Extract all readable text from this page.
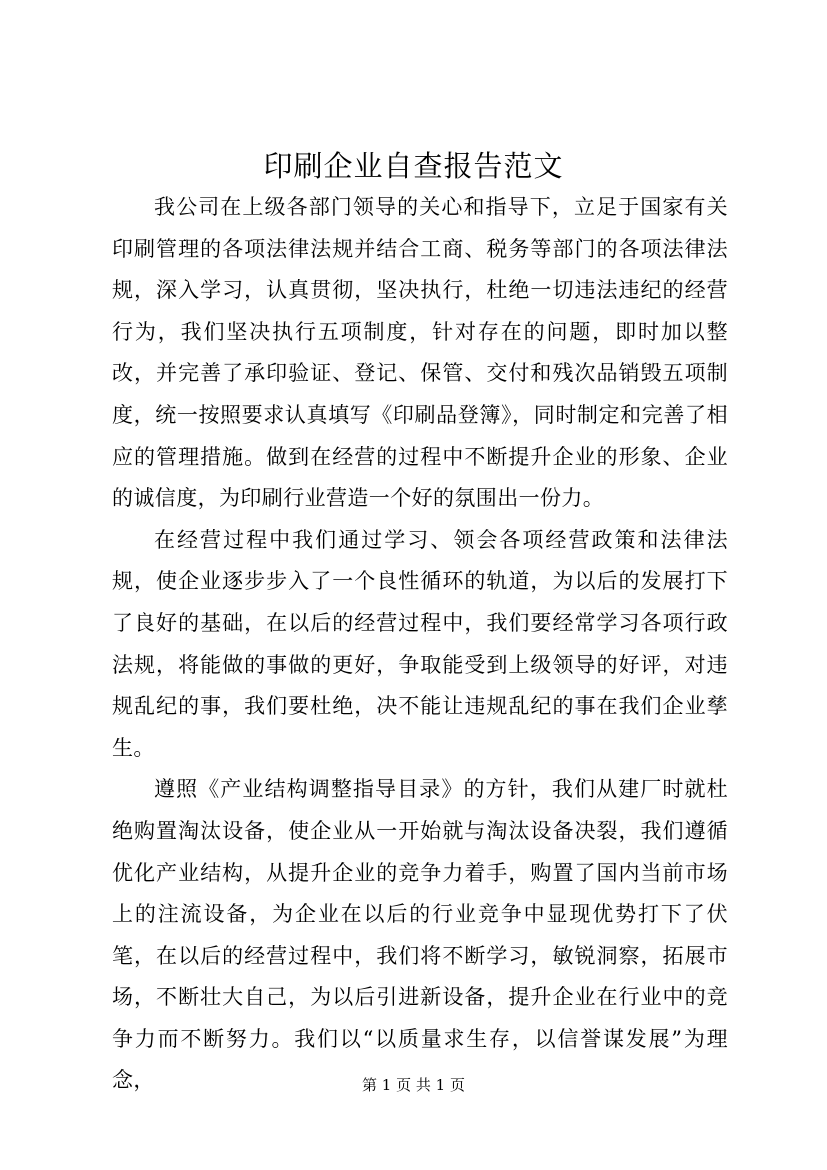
印刷企业自查报告范文

我公司在上级各部门领导的关心和指导下，立足于国家有关印刷管理的各项法律法规并结合工商、税务等部门的各项法律法规，深入学习，认真贯彻，坚决执行，杜绝一切违法违纪的经营行为，我们坚决执行五项制度，针对存在的问题，即时加以整改，并完善了承印验证、登记、保管、交付和残次品销毁五项制度，统一按照要求认真填写《印刷品登簿》，同时制定和完善了相应的管理措施。做到在经营的过程中不断提升企业的形象、企业的诚信度，为印刷行业营造一个好的氛围出一份力。

在经营过程中我们通过学习、领会各项经营政策和法律法规，使企业逐步步入了一个良性循环的轨道，为以后的发展打下了良好的基础，在以后的经营过程中，我们要经常学习各项行政法规，将能做的事做的更好，争取能受到上级领导的好评，对违规乱纪的事，我们要杜绝，决不能让违规乱纪的事在我们企业孳生。

遵照《产业结构调整指导目录》的方针，我们从建厂时就杜绝购置淘汰设备，使企业从一开始就与淘汰设备决裂，我们遵循优化产业结构，从提升企业的竞争力着手，购置了国内当前市场上的注流设备，为企业在以后的行业竞争中显现优势打下了伏笔，在以后的经营过程中，我们将不断学习，敏锐洞察，拓展市场，不断壮大自己，为以后引进新设备，提升企业在行业中的竞争力而不断努力。我们以“以质量求生存，以信誉谋发展”为理念，	第 1 页 共 1 页
